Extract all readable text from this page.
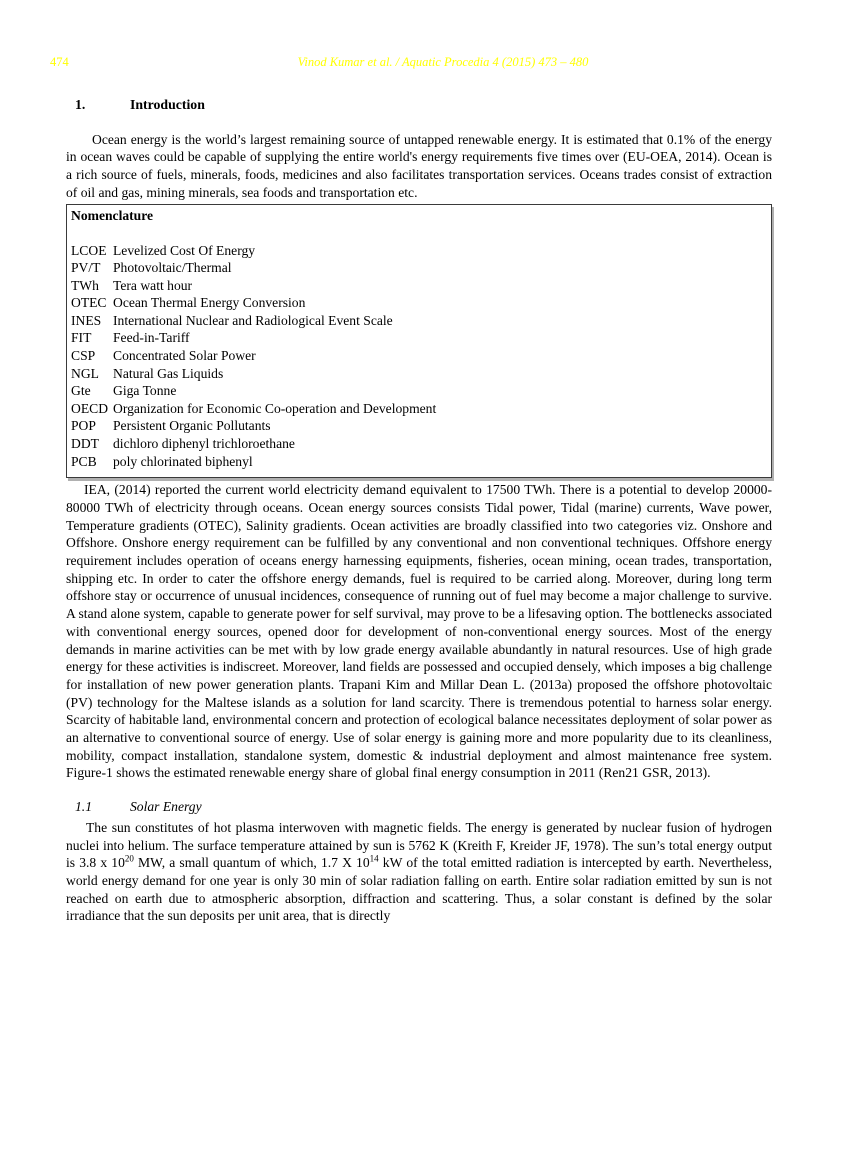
474	Vinod Kumar et al. / Aquatic Procedia 4 (2015) 473 – 480
1.	Introduction

Ocean energy is the world’s largest remaining source of untapped renewable energy. It is estimated that 0.1% of the energy in ocean waves could be capable of supplying the entire world's energy requirements five times over (EU-OEA, 2014). Ocean is a rich source of fuels, minerals, foods, medicines and also facilitates transportation services. Oceans trades consist of extraction of oil and gas, mining minerals, sea foods and transportation etc.

Nomenclature
LCOE Levelized Cost Of Energy
PV/T Photovoltaic/Thermal
TWh	Tera watt hour
OTEC Ocean Thermal Energy Conversion
INES International Nuclear and Radiological Event Scale
FIT	Feed-in-Tariff
CSP	Concentrated Solar Power
NGL	Natural Gas Liquids
Gte	Giga Tonne
OECD Organization for Economic Co-operation and Development
POP	Persistent Organic Pollutants
DDT	dichloro diphenyl trichloroethane
PCB	poly chlorinated biphenyl

IEA, (2014) reported the current world electricity demand equivalent to 17500 TWh. There is a potential to develop 20000-80000 TWh of electricity through oceans. Ocean energy sources consists Tidal power, Tidal (marine) currents, Wave power, Temperature gradients (OTEC), Salinity gradients. Ocean activities are broadly classified into two categories viz. Onshore and Offshore. Onshore energy requirement can be fulfilled by any conventional and non conventional techniques. Offshore energy requirement includes operation of oceans energy harnessing equipments, fisheries, ocean mining, ocean trades, transportation, shipping etc. In order to cater the offshore energy demands, fuel is required to be carried along. Moreover, during long term offshore stay or occurrence of unusual incidences, consequence of running out of fuel may become a major challenge to survive. A stand alone system, capable to generate power for self survival, may prove to be a lifesaving option. The bottlenecks associated with conventional energy sources, opened door for development of non-conventional energy sources. Most of the energy demands in marine activities can be met with by low grade energy available abundantly in natural resources. Use of high grade energy for these activities is indiscreet. Moreover, land fields are possessed and occupied densely, which imposes a big challenge for installation of new power generation plants. Trapani Kim and Millar Dean L. (2013a) proposed the offshore photovoltaic (PV) technology for the Maltese islands as a solution for land scarcity. There is tremendous potential to harness solar energy. Scarcity of habitable land, environmental concern and protection of ecological balance necessitates deployment of solar power as an alternative to conventional source of energy. Use of solar energy is gaining more and more popularity due to its cleanliness, mobility, compact installation, standalone system, domestic & industrial deployment and almost maintenance free system. Figure-1 shows the estimated renewable energy share of global final energy consumption in 2011 (Ren21 GSR, 2013).

1.1	Solar Energy

The sun constitutes of hot plasma interwoven with magnetic fields. The energy is generated by nuclear fusion of hydrogen nuclei into helium. The surface temperature attained by sun is 5762 K (Kreith F, Kreider JF, 1978). The sun’s total energy output is 3.8 x $10^{20}$ MW, a small quantum of which, 1.7 X $10^{14}$ kW of the total emitted radiation is intercepted by earth. Nevertheless, world energy demand for one year is only 30 min of solar radiation falling on earth. Entire solar radiation emitted by sun is not reached on earth due to atmospheric absorption, diffraction and scattering. Thus, a solar constant is defined by the solar irradiance that the sun deposits per unit area, that is directly
